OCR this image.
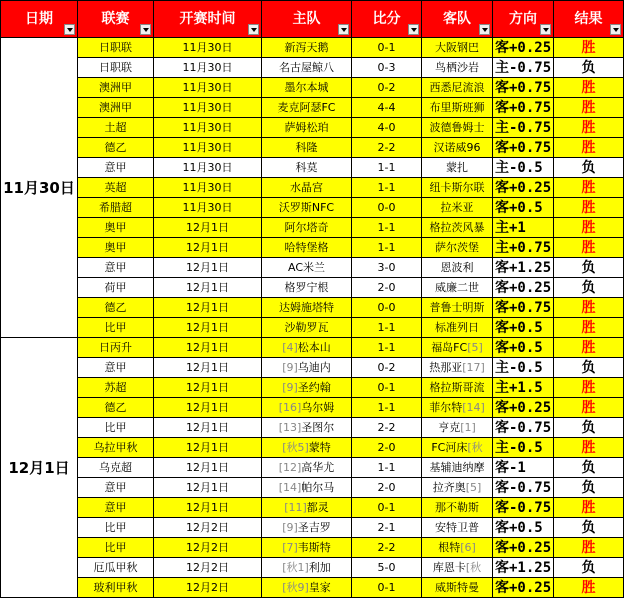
日期	联赛	开赛时间	主队	比分	客队	方向	结果

11月30日	日职联	11月30日	新泻天鹅	0-1	大阪钢巴	客+0.25	胜
	日职联	11月30日	名古屋鲸八	0-3	鸟栖沙岩	主-0.75	负
	澳洲甲	11月30日	墨尔本城	0-2	西悉尼流浪	客+0.75	胜
	澳洲甲	11月30日	麦克阿瑟FC	4-4	布里斯班狮	客+0.75	胜
	土超	11月30日	萨姆松珀	4-0	波德鲁姆士	主-0.75	胜
	德乙	11月30日	科隆	2-2	汉诺威96	客+0.75	胜
	意甲	11月30日	科莫	1-1	蒙扎	主-0.5	负
	英超	11月30日	水晶宫	1-1	纽卡斯尔联	客+0.25	胜
	希腊超	11月30日	沃罗斯NFC	0-0	拉米亚	客+0.5	胜
	奥甲	12月1日	阿尔塔奇	1-1	格拉茨风暴	主+1	胜
	奥甲	12月1日	哈特堡格	1-1	萨尔茨堡	主+0.75	胜
	意甲	12月1日	AC米兰	3-0	恩波利	客+1.25	负
	荷甲	12月1日	格罗宁根	2-0	威廉二世	客+0.25	负
	德乙	12月1日	达姆施塔特	0-0	普鲁士明斯	客+0.75	胜
	比甲	12月1日	沙勒罗瓦	1-1	标准列日	客+0.5	胜
12月1日	日丙升	12月1日	[4]松本山	1-1	福岛FC[5]	客+0.5	胜
	意甲	12月1日	[9]乌迪内	0-2	热那亚[17]	主-0.5	负
	苏超	12月1日	[9]圣约翰	0-1	格拉斯哥流	主+1.5	胜
	德乙	12月1日	[16]乌尔姆	1-1	菲尔特[14]	客+0.25	胜
	比甲	12月1日	[13]圣图尔	2-2	亨克[1]	客-0.75	负
	乌拉甲秋	12月1日	[秋5]蒙特	2-0	FC河床[秋	主-0.5	胜
	乌克超	12月1日	[12]高华尤	1-1	基辅迪纳摩	客-1	负
	意甲	12月1日	[14]帕尔马	2-0	拉齐奥[5]	客-0.75	负
	意甲	12月1日	[11]都灵	0-1	那不勒斯	客-0.75	胜
	比甲	12月2日	[9]圣吉罗	2-1	安特卫普	客+0.5	负
	比甲	12月2日	[7]韦斯特	2-2	根特[6]	客+0.25	胜
	厄瓜甲秋	12月2日	[秋1]利加	5-0	库恩卡[秋	客+1.25	负
	玻利甲秋	12月2日	[秋9]皇家	0-1	威斯特曼	客+0.25	胜
